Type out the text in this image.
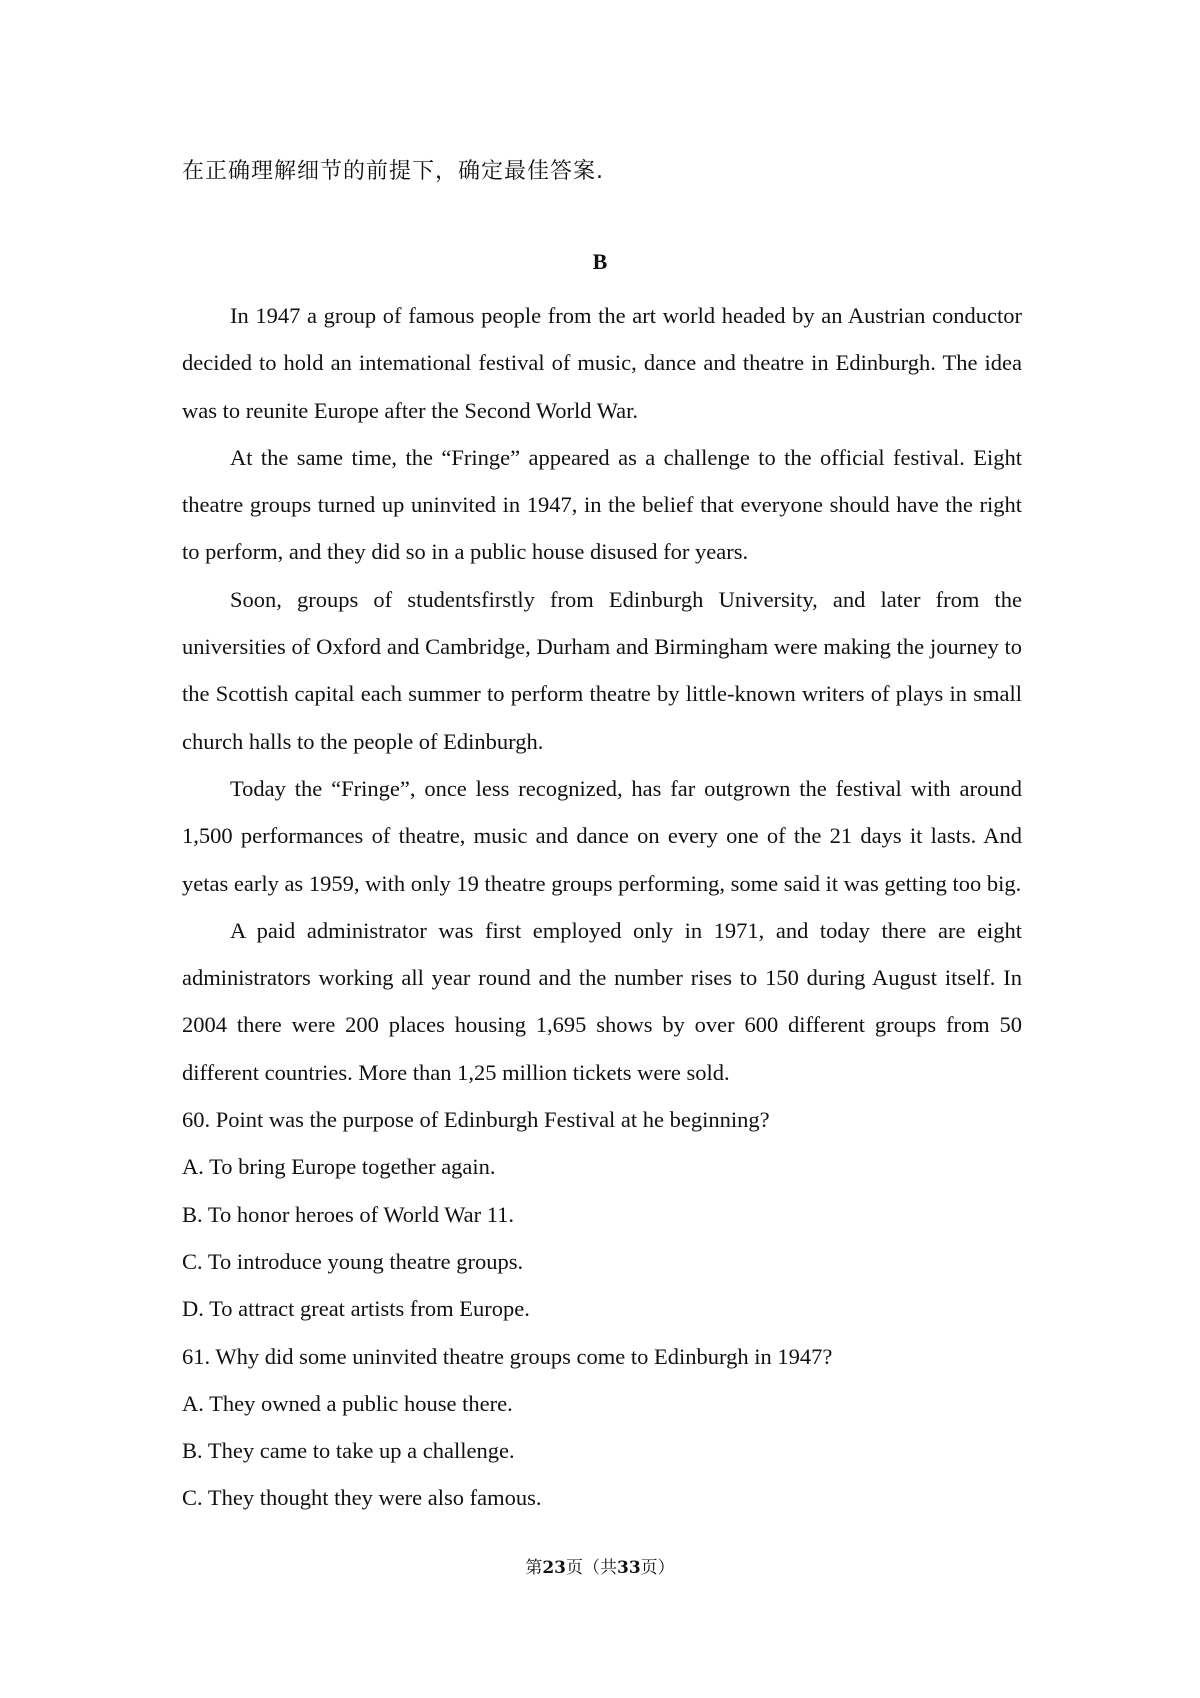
在正确理解细节的前提下，确定最佳答案.

B

In 1947 a group of famous people from the art world headed by an Austrian conductor decided to hold an intemational festival of music, dance and theatre in Edinburgh. The idea was to reunite Europe after the Second World War.

At the same time, the “Fringe” appeared as a challenge to the official festival. Eight theatre groups turned up uninvited in 1947, in the belief that everyone should have the right to perform, and they did so in a public house disused for years.

Soon, groups of studentsfirstly from Edinburgh University, and later from the universities of Oxford and Cambridge, Durham and Birmingham were making the journey to the Scottish capital each summer to perform theatre by little-known writers of plays in small church halls to the people of Edinburgh.

Today the “Fringe”, once less recognized, has far outgrown the festival with around 1,500 performances of theatre, music and dance on every one of the 21 days it lasts. And yetas early as 1959, with only 19 theatre groups performing, some said it was getting too big.

A paid administrator was first employed only in 1971, and today there are eight administrators working all year round and the number rises to 150 during August itself. In 2004 there were 200 places housing 1,695 shows by over 600 different groups from 50 different countries. More than 1,25 million tickets were sold.

60. Point was the purpose of Edinburgh Festival at he beginning?

A. To bring Europe together again.

B. To honor heroes of World War 11.

C. To introduce young theatre groups.

D. To attract great artists from Europe.

61. Why did some uninvited theatre groups come to Edinburgh in 1947?

A. They owned a public house there.

B. They came to take up a challenge.

C. They thought they were also famous.

第23页（共33页）
